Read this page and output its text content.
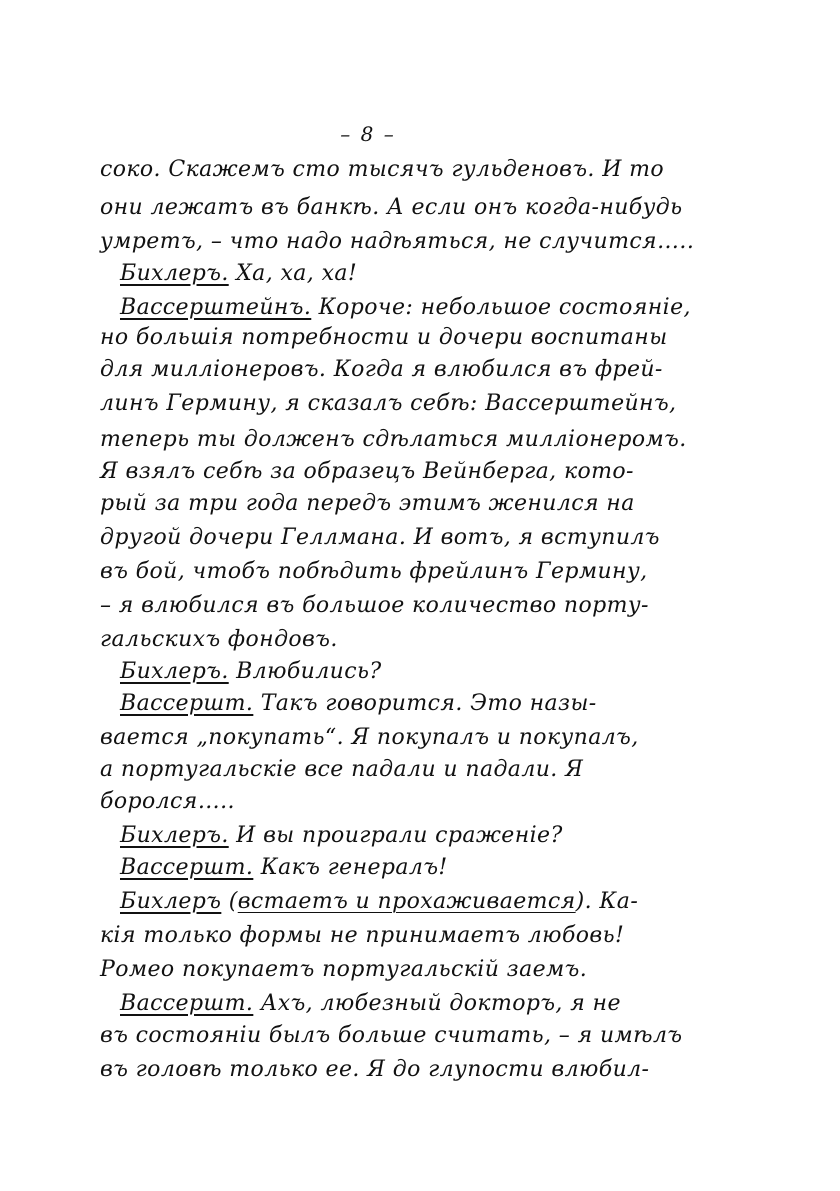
– 8 –
соко. Скажемъ сто тысячъ гульденовъ. И то
они лежатъ въ банкѣ. А если онъ когда-нибудь
умретъ, – что надо надѣяться, не случится…..
Бихлеръ. Ха, ха, ха!
Вассерштейнъ. Короче: небольшое состояніе,
но большія потребности и дочери воспитаны
для милліонеровъ. Когда я влюбился въ фрей-
линъ Гермину, я сказалъ себѣ: Вассерштейнъ,
теперь ты долженъ сдѣлаться милліонеромъ.
Я взялъ себѣ за образецъ Вейнберга, кото-
рый за три года передъ этимъ женился на
другой дочери Геллмана. И вотъ, я вступилъ
въ бой, чтобъ побѣдить фрейлинъ Гермину,
– я влюбился въ большое количество порту-
гальскихъ фондовъ.
Бихлеръ. Влюбились?
Вассершт. Такъ говорится. Это назы-
вается „покупать“. Я покупалъ и покупалъ,
а португальскіе все падали и падали. Я
боролся…..
Бихлеръ. И вы проиграли сраженіе?
Вассершт. Какъ генералъ!
Бихлеръ (встаетъ и прохаживается). Ка-
кія только формы не принимаетъ любовь!
Ромео покупаетъ португальскій заемъ.
Вассершт. Ахъ, любезный докторъ, я не
въ состояніи былъ больше считать, – я имѣлъ
въ головѣ только ее. Я до глупости влюбил-
